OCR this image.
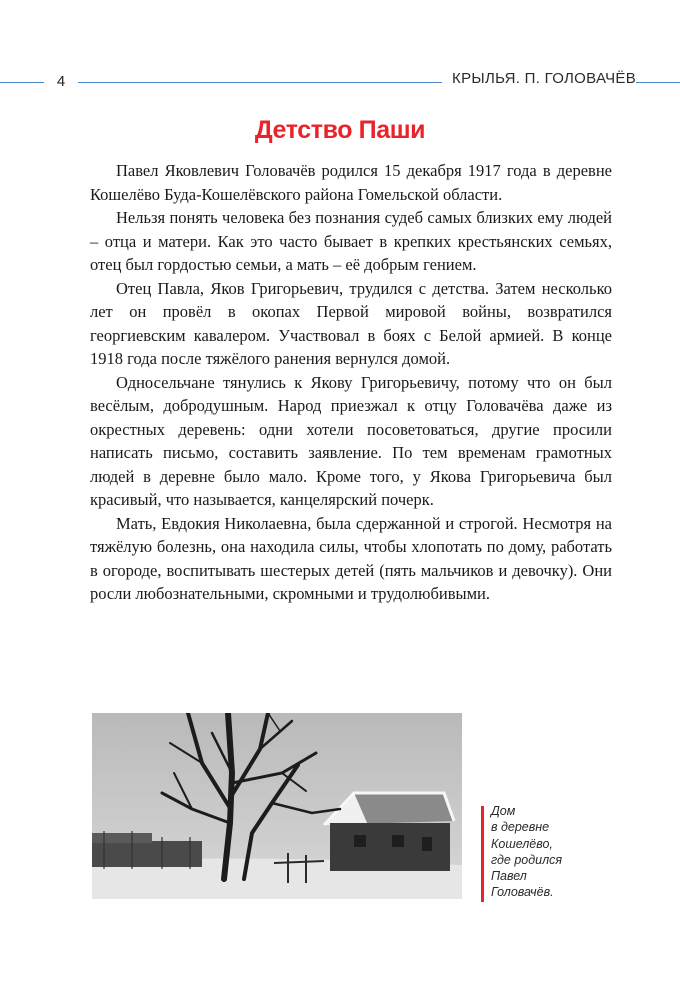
4	КРЫЛЬЯ. П. ГОЛОВАЧЁВ
Детство Паши

Павел Яковлевич Головачёв родился 15 декабря 1917 года в деревне Кошелёво Буда-Кошелёвского района Гомельской области.

Нельзя понять человека без познания судеб самых близких ему людей – отца и матери. Как это часто бывает в крепких крестьянских семьях, отец был гордостью семьи, а мать – её добрым гением.

Отец Павла, Яков Григорьевич, трудился с детства. Затем несколько лет он провёл в окопах Первой мировой войны, возвратился георгиевским кавалером. Участвовал в боях с Белой армией. В конце 1918 года после тяжёлого ранения вернулся домой.

Односельчане тянулись к Якову Григорьевичу, потому что он был весёлым, добродушным. Народ приезжал к отцу Головачёва даже из окрестных деревень: одни хотели посоветоваться, другие просили написать письмо, составить заявление. По тем временам грамотных людей в деревне было мало. Кроме того, у Якова Григорьевича был красивый, что называется, канцелярский почерк.

Мать, Евдокия Николаевна, была сдержанной и строгой. Несмотря на тяжёлую болезнь, она находила силы, чтобы хлопотать по дому, работать в огороде, воспитывать шестерых детей (пять мальчиков и девочку). Они росли любознательными, скромными и трудолюбивыми.

Дом
в деревне
Кошелёво,
где родился
Павел
Головачёв.
